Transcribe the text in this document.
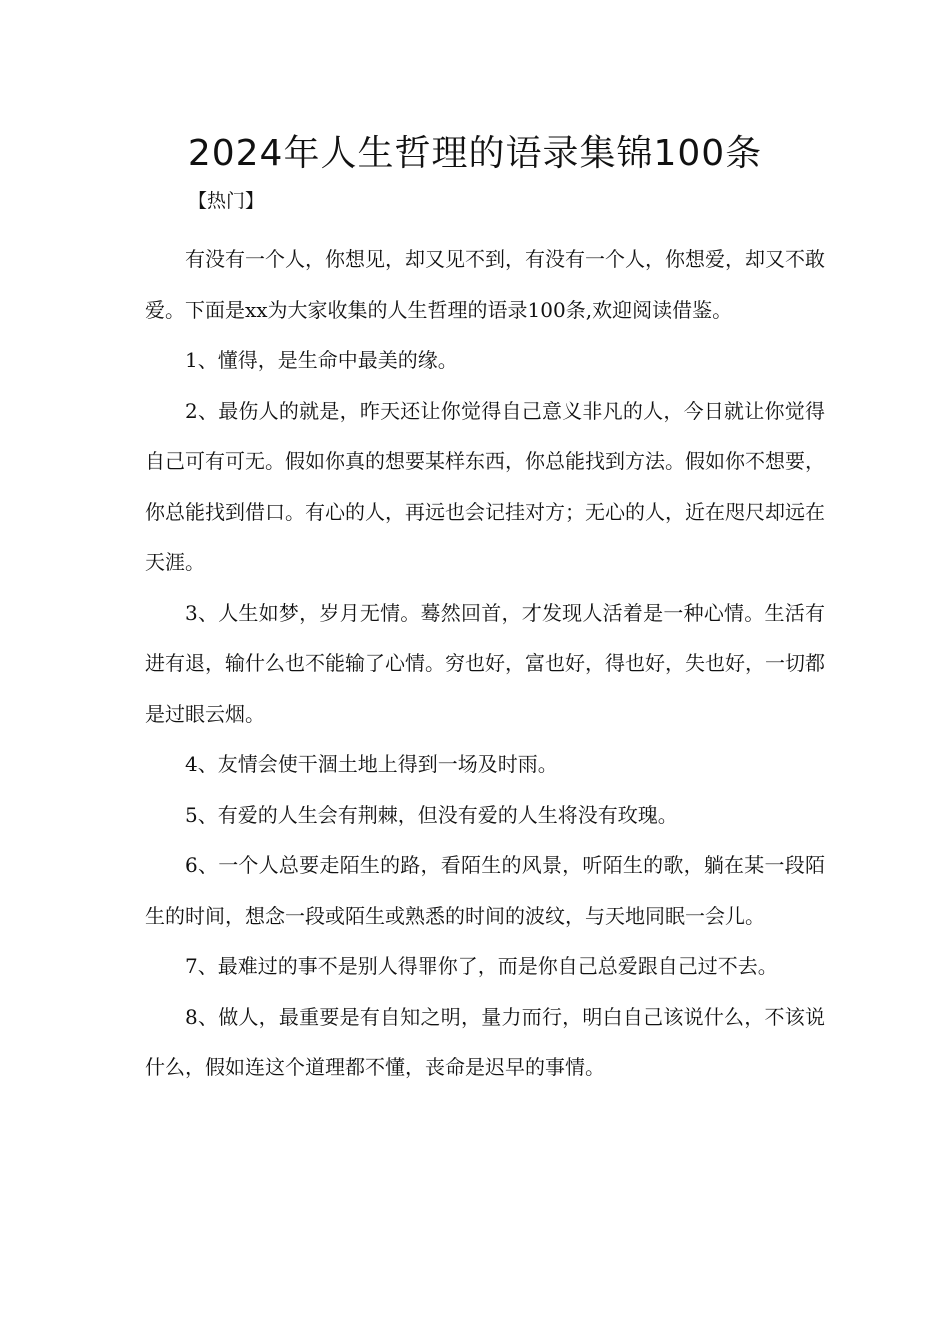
2024年人生哲理的语录集锦100条
【热门】

有没有一个人，你想见，却又见不到，有没有一个人，你想爱，却又不敢爱。下面是xx为大家收集的人生哲理的语录100条,欢迎阅读借鉴。

1、懂得，是生命中最美的缘。

2、最伤人的就是，昨天还让你觉得自己意义非凡的人，今日就让你觉得自己可有可无。假如你真的想要某样东西，你总能找到方法。假如你不想要，你总能找到借口。有心的人，再远也会记挂对方；无心的人，近在咫尺却远在天涯。

3、人生如梦，岁月无情。蓦然回首，才发现人活着是一种心情。生活有进有退，输什么也不能输了心情。穷也好，富也好，得也好，失也好，一切都是过眼云烟。

4、友情会使干涸土地上得到一场及时雨。

5、有爱的人生会有荆棘，但没有爱的人生将没有玫瑰。

6、一个人总要走陌生的路，看陌生的风景，听陌生的歌，躺在某一段陌生的时间，想念一段或陌生或熟悉的时间的波纹，与天地同眠一会儿。

7、最难过的事不是别人得罪你了，而是你自己总爱跟自己过不去。

8、做人，最重要是有自知之明，量力而行，明白自己该说什么，不该说什么，假如连这个道理都不懂，丧命是迟早的事情。
